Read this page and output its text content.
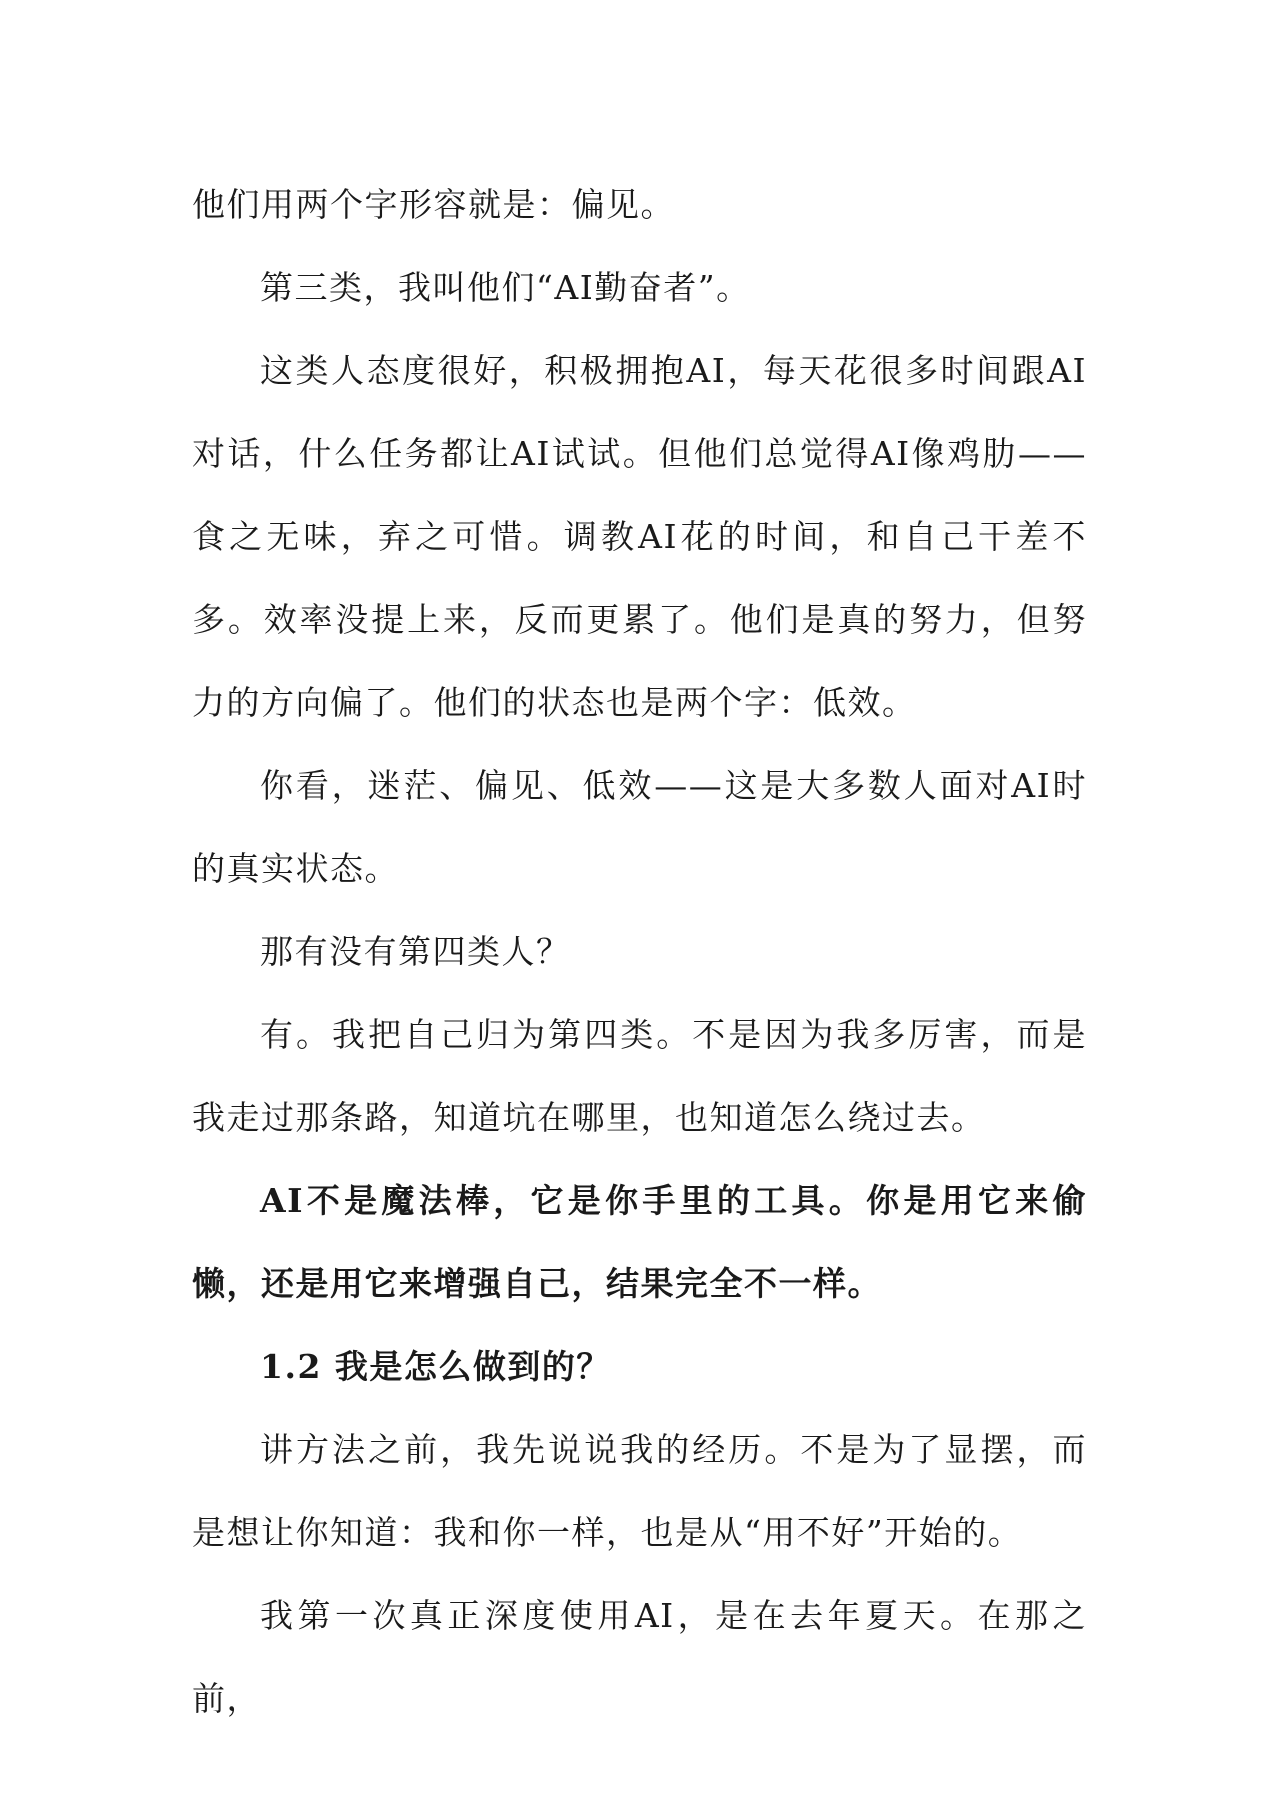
他们用两个字形容就是：偏见。

第三类，我叫他们“AI勤奋者”。

这类人态度很好，积极拥抱AI，每天花很多时间跟AI对话，什么任务都让AI试试。但他们总觉得AI像鸡肋——食之无味，弃之可惜。调教AI花的时间，和自己干差不多。效率没提上来，反而更累了。他们是真的努力，但努力的方向偏了。他们的状态也是两个字：低效。

你看，迷茫、偏见、低效——这是大多数人面对AI时的真实状态。

那有没有第四类人？

有。我把自己归为第四类。不是因为我多厉害，而是我走过那条路，知道坑在哪里，也知道怎么绕过去。

AI不是魔法棒，它是你手里的工具。你是用它来偷懒，还是用它来增强自己，结果完全不一样。

1.2 我是怎么做到的？

讲方法之前，我先说说我的经历。不是为了显摆，而是想让你知道：我和你一样，也是从“用不好”开始的。

我第一次真正深度使用AI，是在去年夏天。在那之前，
